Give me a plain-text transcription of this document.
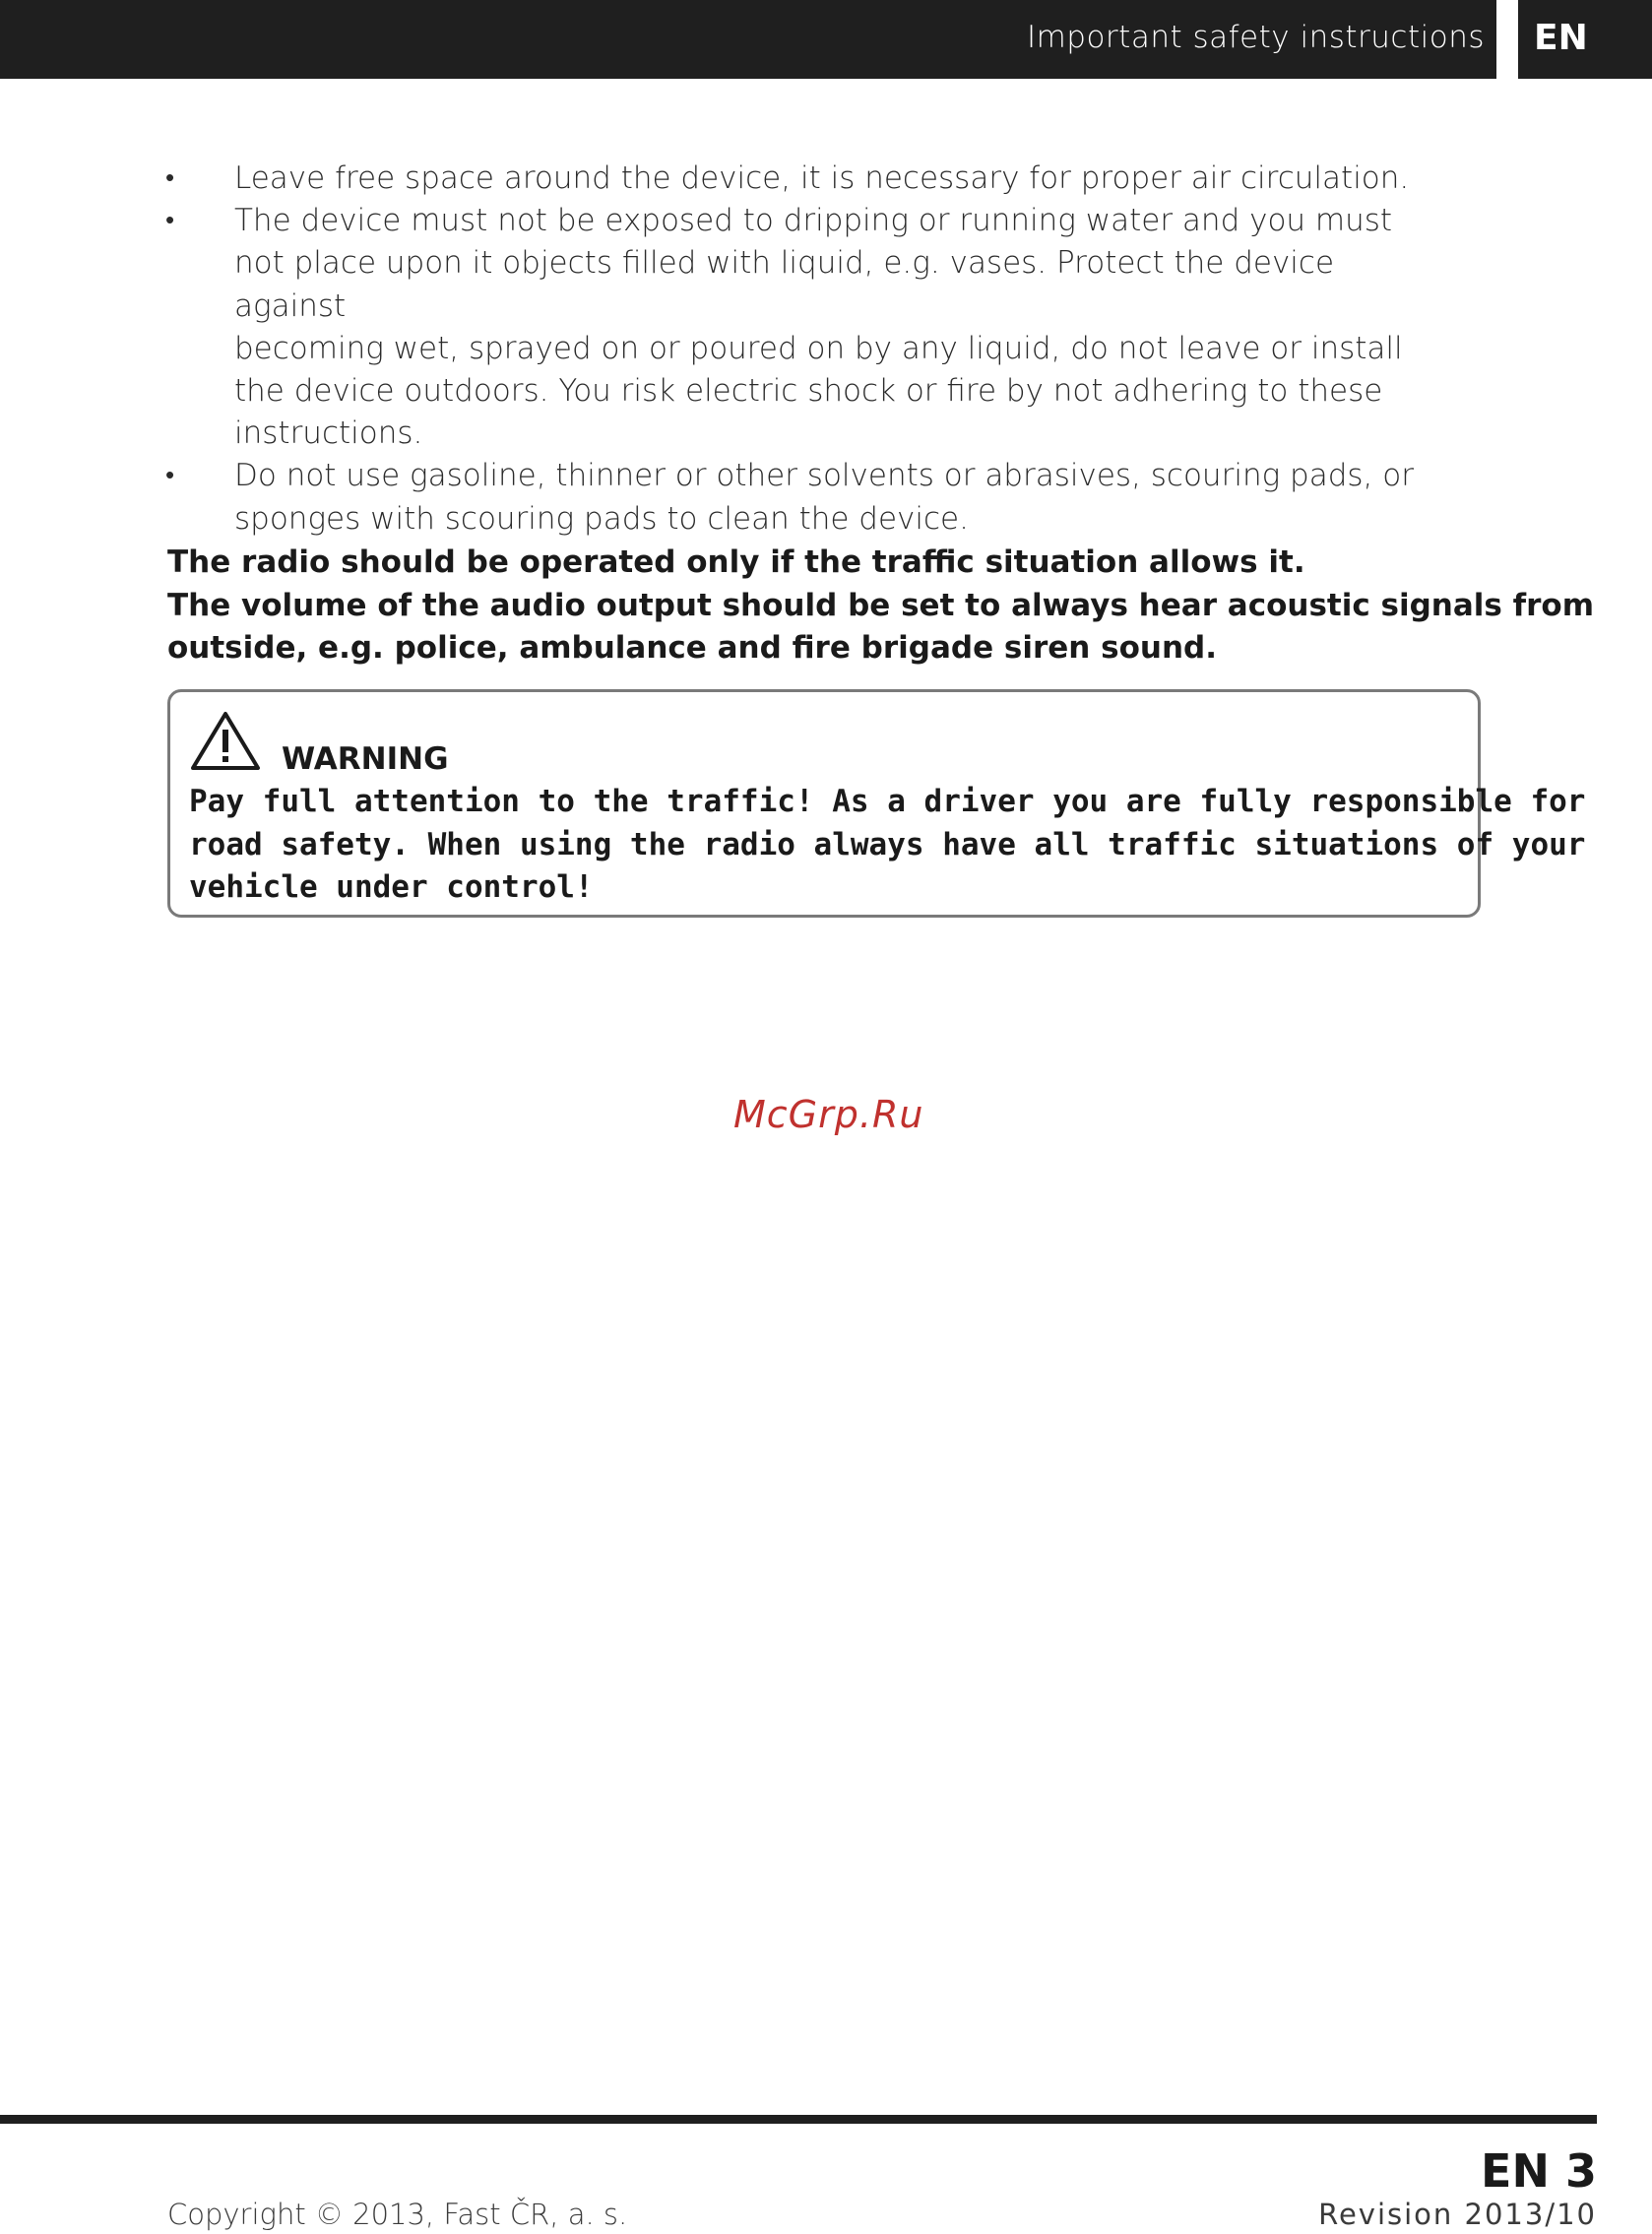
Important safety instructions EN
• Leave free space around the device, it is necessary for proper air circulation.
• The device must not be exposed to dripping or running water and you must
not place upon it objects filled with liquid, e.g. vases. Protect the device against
becoming wet, sprayed on or poured on by any liquid, do not leave or install
the device outdoors. You risk electric shock or fire by not adhering to these
instructions.
• Do not use gasoline, thinner or other solvents or abrasives, scouring pads, or
sponges with scouring pads to clean the device.
The radio should be operated only if the traffic situation allows it.
The volume of the audio output should be set to always hear acoustic signals from
outside, e.g. police, ambulance and fire brigade siren sound.
WARNING
Pay full attention to the traffic! As a driver you are fully responsible for
road safety. When using the radio always have all traffic situations of your
vehicle under control!
McGrp.Ru
EN 3
Copyright © 2013, Fast ČR, a. s.	Revision 2013/10
